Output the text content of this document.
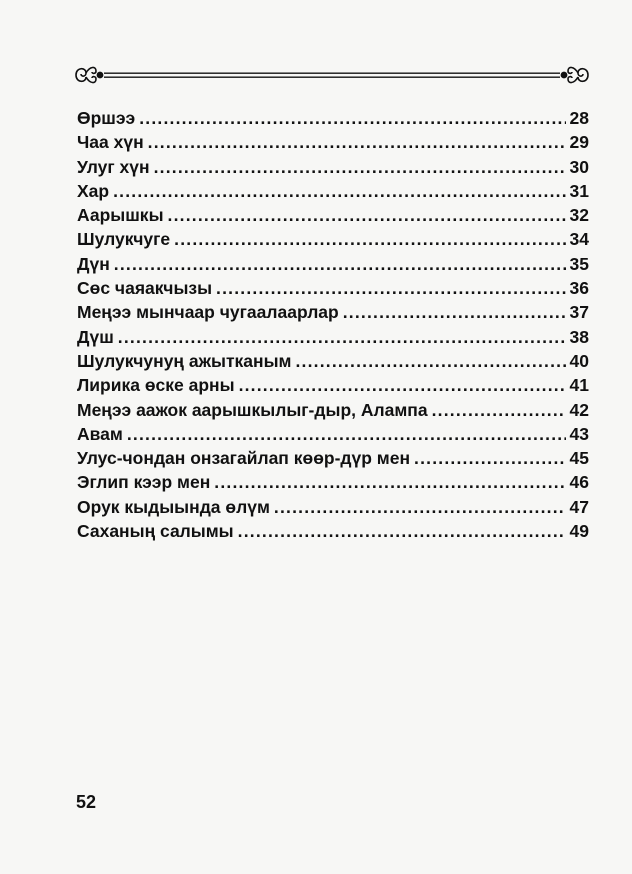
Өршээ .....	28
Чаа хүн .....	29
Улуг хүн .....	30
Хар .....	31
Аарышкы .....	32
Шулукчуге .....	34
Дүн .....	35
Сөс чаяакчызы .....	36
Меңээ мынчаар чугаалаарлар .....	37
Дүш .....	38
Шулукчунуң ажытканым .....	40
Лирика өске арны .....	41
Меңээ аажок аарышкылыг-дыр, Алампа .....	42
Авам .....	43
Улус-чондан онзагайлап көөр-дүр мен .....	45
Эглип кээр мен .....	46
Орук кыдыында өлүм .....	47
Саханың салымы .....	49
52
